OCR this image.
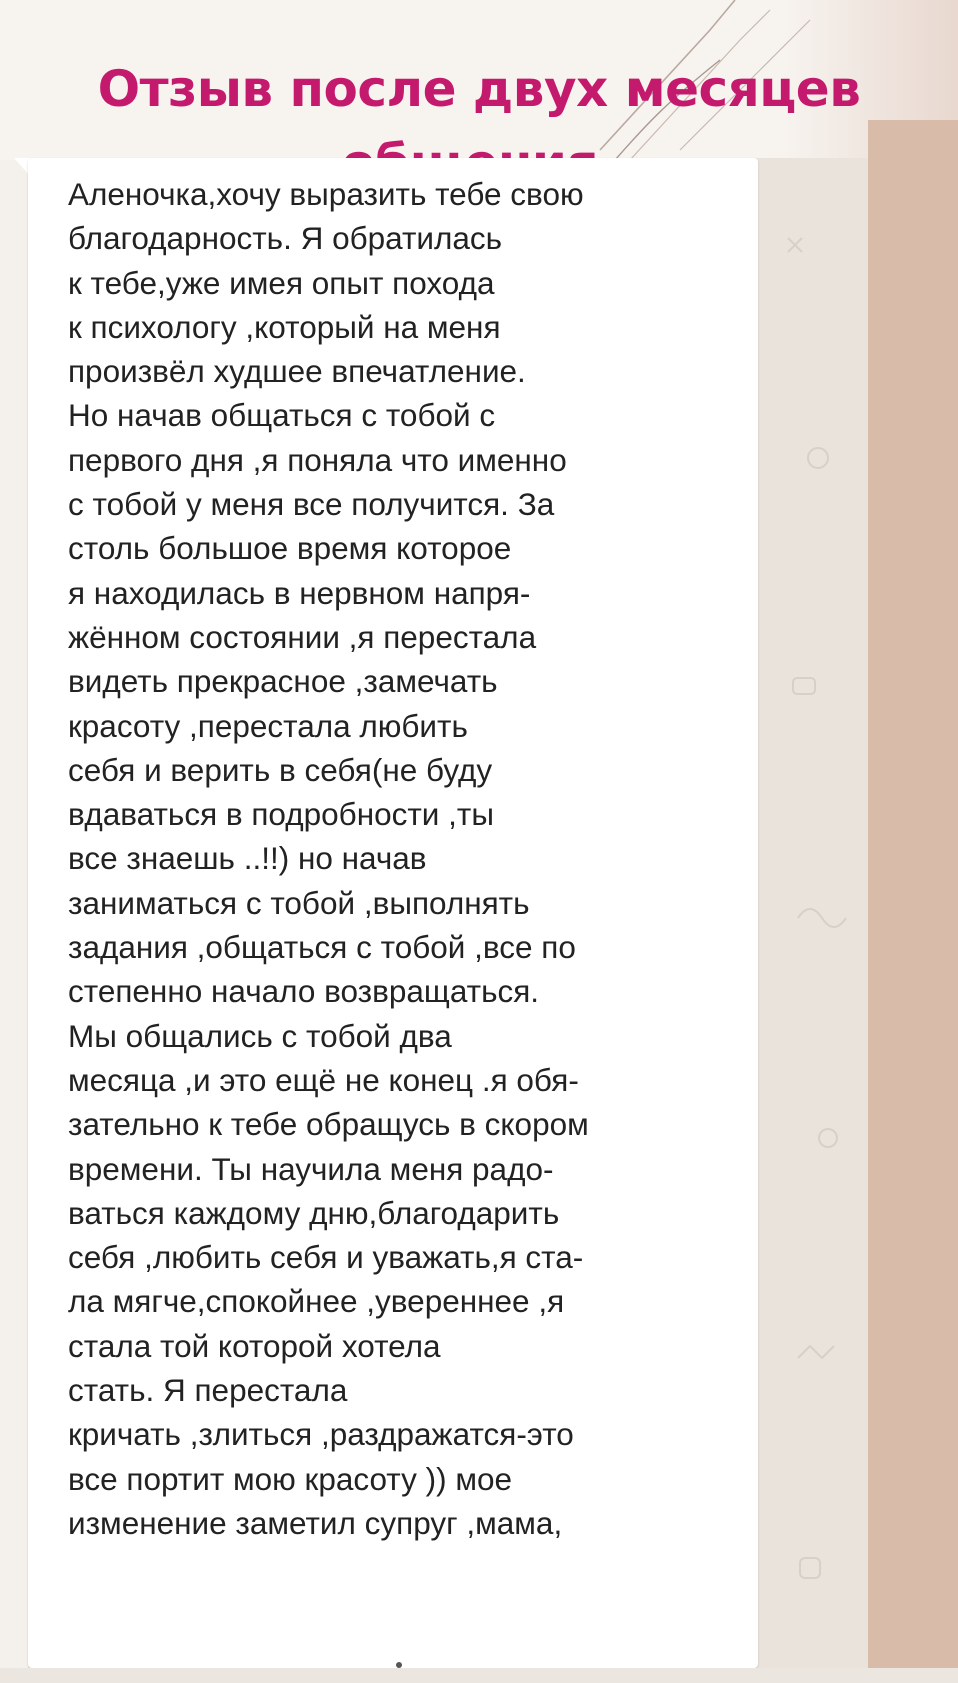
Отзыв после двух месяцев
Аленочка,хочу выразить тебе свою
благодарность. Я обратилась
к тебе,уже имея опыт похода
к психологу ,который на меня
произвёл худшее впечатление.
Но начав общаться с тобой с
первого дня ,я поняла что именно
с тобой у меня все получится. За
столь большое время которое
я находилась в нервном напря-
жённом состоянии ,я перестала
видеть прекрасное ,замечать
красоту ,перестала любить
себя и верить в себя(не буду
вдаваться в подробности ,ты
все знаешь ..!!) но начав
заниматься с тобой ,выполнять
задания ,общаться с тобой ,все по
степенно начало возвращаться.
Мы общались с тобой два
месяца ,и это ещё не конец .я обя-
зательно к тебе обращусь в скором
времени. Ты научила меня радо-
ваться каждому дню,благодарить
себя ,любить себя и уважать,я ста-
ла мягче,спокойнее ,увереннее ,я
стала той которой хотела
стать. Я перестала
кричать ,злиться ,раздражатся-это
все портит мою красоту )) мое
изменение заметил супруг ,мама,
